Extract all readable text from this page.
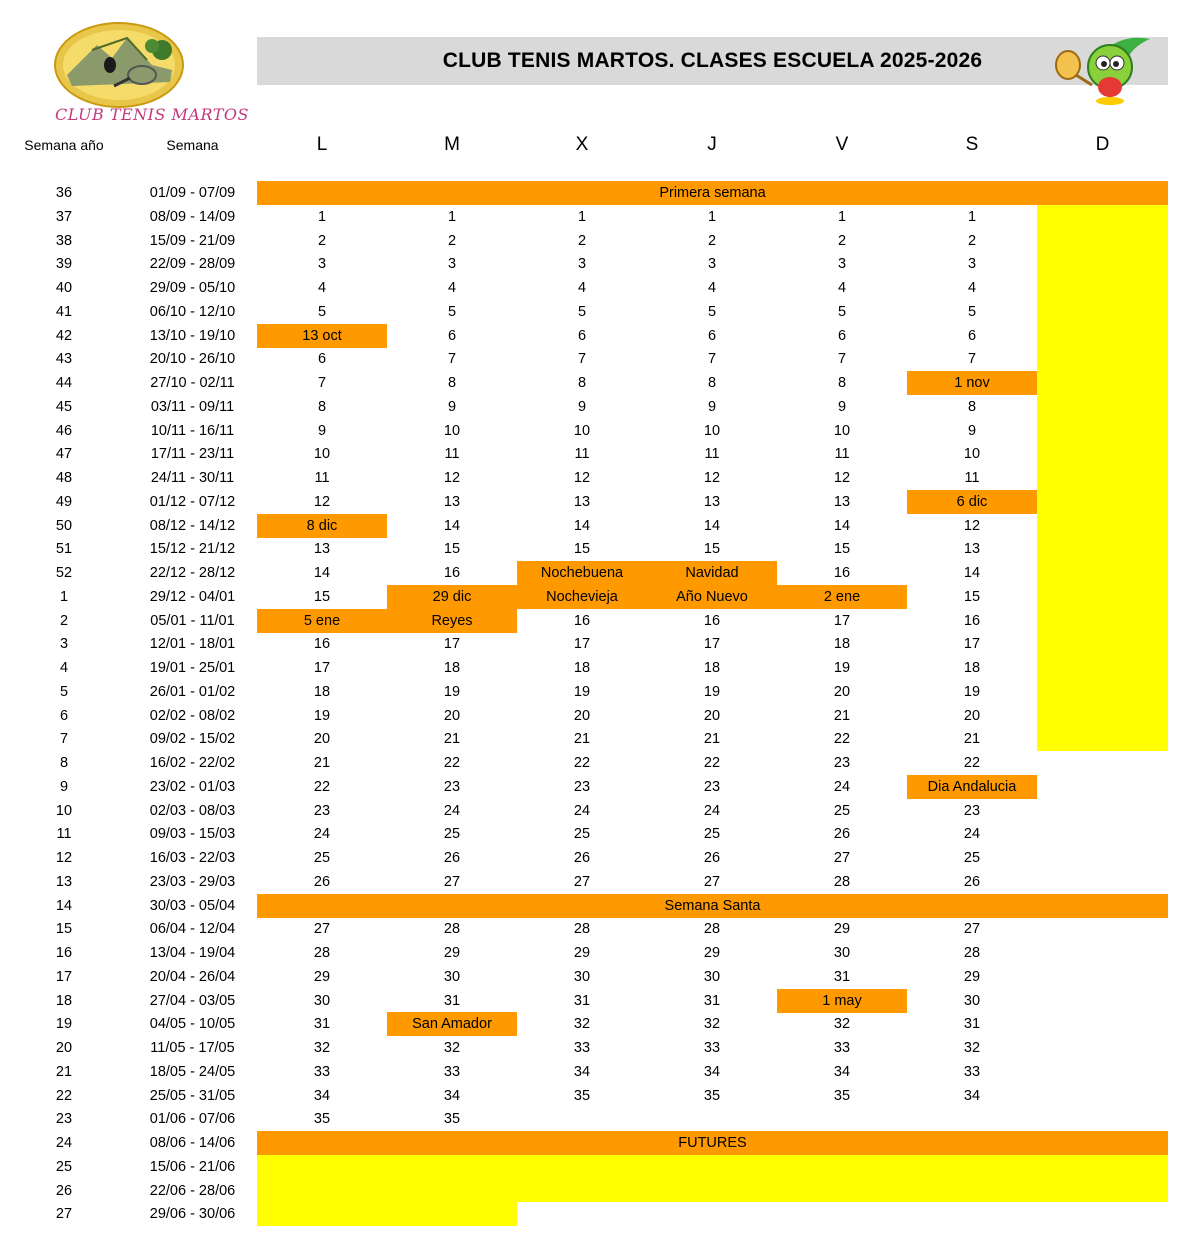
CLUB TENIS MARTOS
CLUB TENIS MARTOS. CLASES ESCUELA 2025-2026
Semana año	Semana	L	M	X	J	V	S	D
36	01/09 - 07/09	Primera semana
37	08/09 - 14/09	1	1	1	1	1	1
38	15/09 - 21/09	2	2	2	2	2	2
39	22/09 - 28/09	3	3	3	3	3	3
40	29/09 - 05/10	4	4	4	4	4	4
41	06/10 - 12/10	5	5	5	5	5	5
42	13/10 - 19/10	13 oct	6	6	6	6	6
43	20/10 - 26/10	6	7	7	7	7	7
44	27/10 - 02/11	7	8	8	8	8	1 nov
45	03/11 - 09/11	8	9	9	9	9	8
46	10/11 - 16/11	9	10	10	10	10	9
47	17/11 - 23/11	10	11	11	11	11	10
48	24/11 - 30/11	11	12	12	12	12	11
49	01/12 - 07/12	12	13	13	13	13	6 dic
50	08/12 - 14/12	8 dic	14	14	14	14	12
51	15/12 - 21/12	13	15	15	15	15	13
52	22/12 - 28/12	14	16	Nochebuena	Navidad	16	14
1	29/12 - 04/01	15	29 dic	Nochevieja	Año Nuevo	2 ene	15
2	05/01 - 11/01	5 ene	Reyes	16	16	17	16
3	12/01 - 18/01	16	17	17	17	18	17
4	19/01 - 25/01	17	18	18	18	19	18
5	26/01 - 01/02	18	19	19	19	20	19
6	02/02 - 08/02	19	20	20	20	21	20
7	09/02 - 15/02	20	21	21	21	22	21
8	16/02 - 22/02	21	22	22	22	23	22
9	23/02 - 01/03	22	23	23	23	24	Dia Andalucia
10	02/03 - 08/03	23	24	24	24	25	23
11	09/03 - 15/03	24	25	25	25	26	24
12	16/03 - 22/03	25	26	26	26	27	25
13	23/03 - 29/03	26	27	27	27	28	26
14	30/03 - 05/04	Semana Santa
15	06/04 - 12/04	27	28	28	28	29	27
16	13/04 - 19/04	28	29	29	29	30	28
17	20/04 - 26/04	29	30	30	30	31	29
18	27/04 - 03/05	30	31	31	31	1 may	30
19	04/05 - 10/05	31	San Amador	32	32	32	31
20	11/05 - 17/05	32	32	33	33	33	32
21	18/05 - 24/05	33	33	34	34	34	33
22	25/05 - 31/05	34	34	35	35	35	34
23	01/06 - 07/06	35	35
24	08/06 - 14/06	FUTURES
25	15/06 - 21/06
26	22/06 - 28/06
27	29/06 - 30/06
